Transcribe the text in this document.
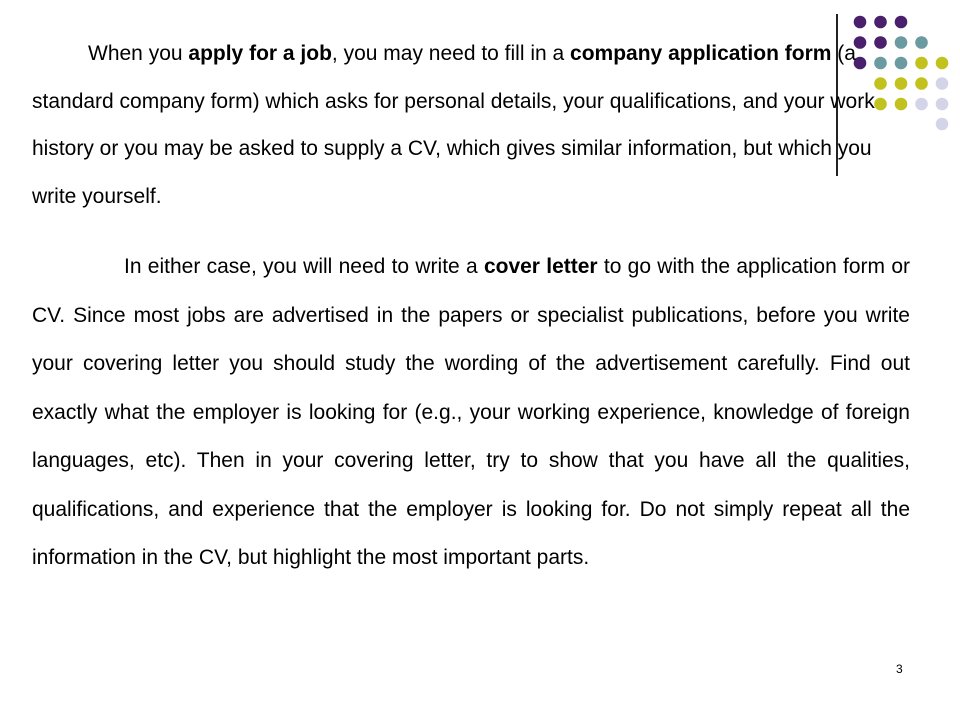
When you apply for a job, you may need to fill in a company application form (a standard company form) which asks for personal details, your qualifications, and your work history or you may be asked to supply a CV, which gives similar information, but which you write yourself.

In either case, you will need to write a cover letter to go with the application form or CV. Since most jobs are advertised in the papers or specialist publications, before you write your covering letter you should study the wording of the advertisement carefully. Find out exactly what the employer is looking for (e.g., your working experience, knowledge of foreign languages, etc). Then in your covering letter, try to show that you have all the qualities, qualifications, and experience that the employer is looking for. Do not simply repeat all the information in the CV, but highlight the most important parts.

3
